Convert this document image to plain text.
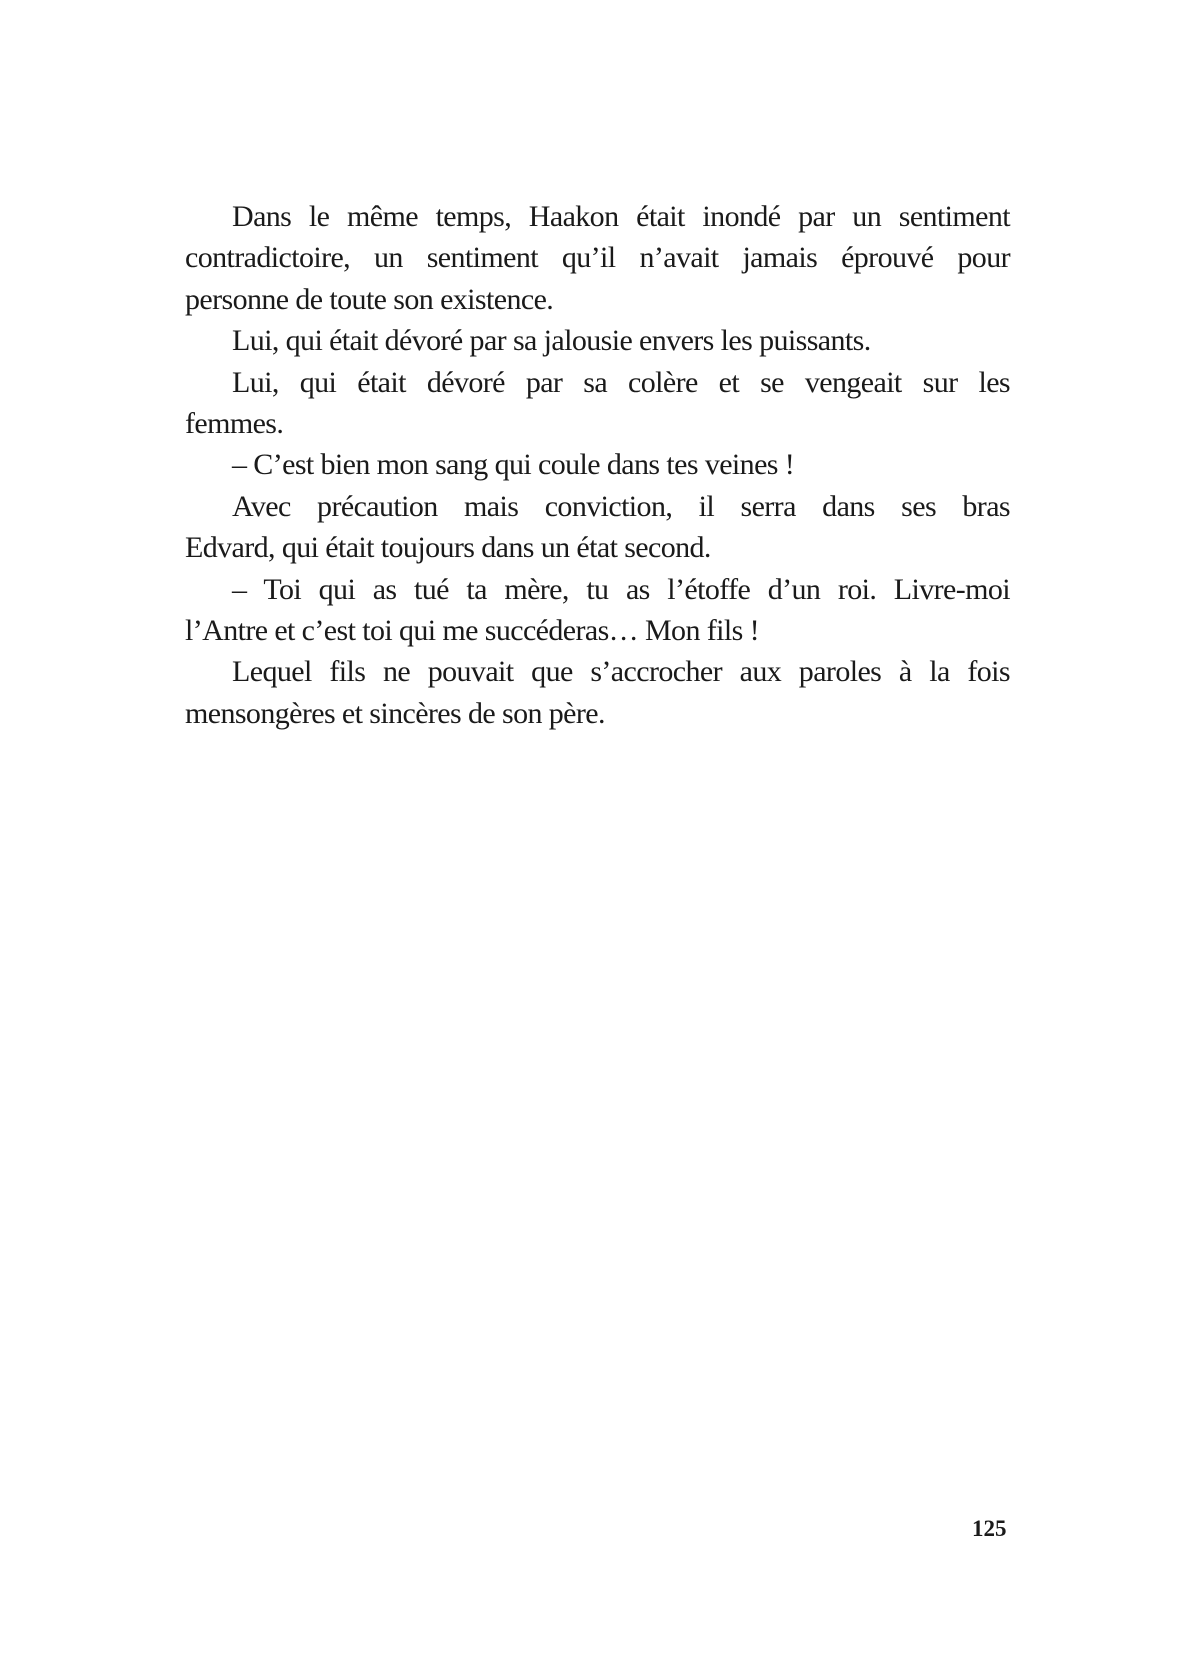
Dans le même temps, Haakon était inondé par un sentiment
contradictoire, un sentiment qu’il n’avait jamais éprouvé pour
personne de toute son existence.
Lui, qui était dévoré par sa jalousie envers les puissants.
Lui, qui était dévoré par sa colère et se vengeait sur les
femmes.
– C’est bien mon sang qui coule dans tes veines !
Avec précaution mais conviction, il serra dans ses bras
Edvard, qui était toujours dans un état second.
– Toi qui as tué ta mère, tu as l’étoffe d’un roi. Livre-moi
l’Antre et c’est toi qui me succéderas… Mon fils !
Lequel fils ne pouvait que s’accrocher aux paroles à la fois
mensongères et sincères de son père.
125
